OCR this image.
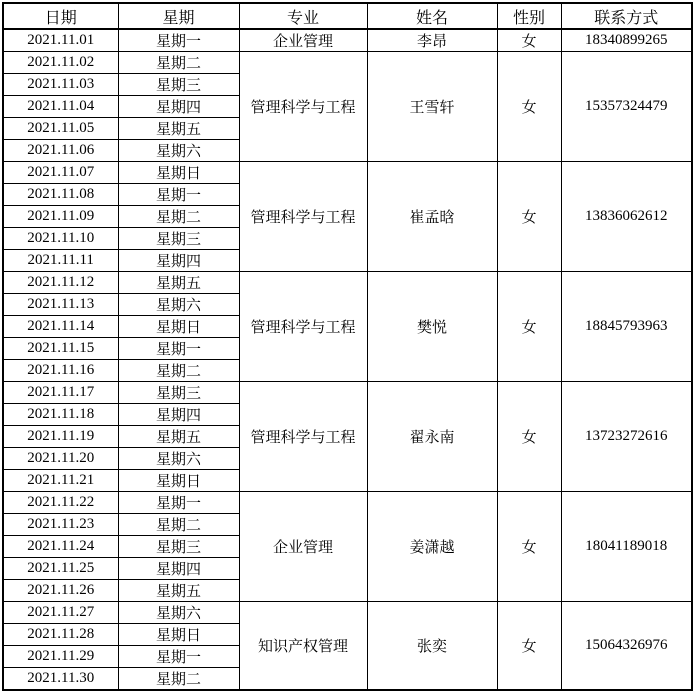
日期	星期	专业	姓名	性别	联系方式
2021.11.01	星期一	企业管理	李昂	女	18340899265
2021.11.02	星期二	管理科学与工程	王雪轩	女	15357324479
2021.11.03	星期三				
2021.11.04	星期四				
2021.11.05	星期五				
2021.11.06	星期六				
2021.11.07	星期日	管理科学与工程	崔孟晗	女	13836062612
2021.11.08	星期一				
2021.11.09	星期二				
2021.11.10	星期三				
2021.11.11	星期四				
2021.11.12	星期五	管理科学与工程	樊悦	女	18845793963
2021.11.13	星期六				
2021.11.14	星期日				
2021.11.15	星期一				
2021.11.16	星期二				
2021.11.17	星期三	管理科学与工程	翟永南	女	13723272616
2021.11.18	星期四				
2021.11.19	星期五				
2021.11.20	星期六				
2021.11.21	星期日				
2021.11.22	星期一	企业管理	姜潇越	女	18041189018
2021.11.23	星期二				
2021.11.24	星期三				
2021.11.25	星期四				
2021.11.26	星期五				
2021.11.27	星期六	知识产权管理	张奕	女	15064326976
2021.11.28	星期日				
2021.11.29	星期一				
2021.11.30	星期二				
